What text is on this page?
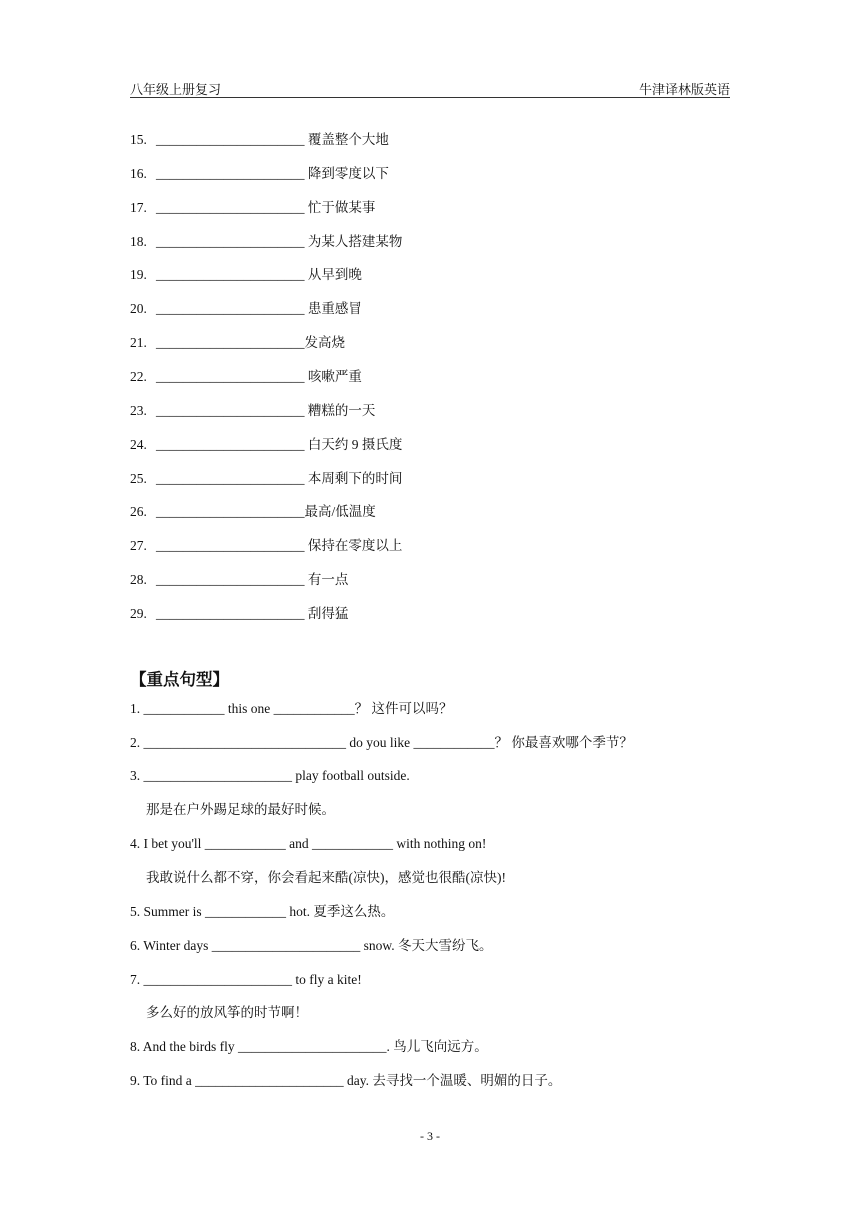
八年级上册复习	牛津译林版英语
15. ______________________ 覆盖整个大地
16. ______________________ 降到零度以下
17. ______________________ 忙于做某事
18. ______________________ 为某人搭建某物
19. ______________________ 从早到晚
20. ______________________ 患重感冒
21. ______________________发高烧
22. ______________________ 咳嗽严重
23. ______________________ 糟糕的一天
24. ______________________ 白天约 9 摄氏度
25. ______________________ 本周剩下的时间
26. ______________________最高/低温度
27. ______________________ 保持在零度以上
28. ______________________ 有一点
29. ______________________ 刮得猛
【重点句型】
1. ____________ this one ____________？ 这件可以吗？
2. ______________________________ do you like ____________？ 你最喜欢哪个季节？
3. ______________________ play football outside.
那是在户外踢足球的最好时候。
4. I bet you'll ____________ and ____________ with nothing on!
我敢说什么都不穿，你会看起来酷(凉快)，感觉也很酷(凉快)!
5. Summer is ____________ hot. 夏季这么热。
6. Winter days ______________________ snow. 冬天大雪纷飞。
7. ______________________ to fly a kite!
多么好的放风筝的时节啊！
8. And the birds fly ______________________. 鸟儿飞向远方。
9. To find a ______________________ day. 去寻找一个温暖、明媚的日子。
- 3 -
